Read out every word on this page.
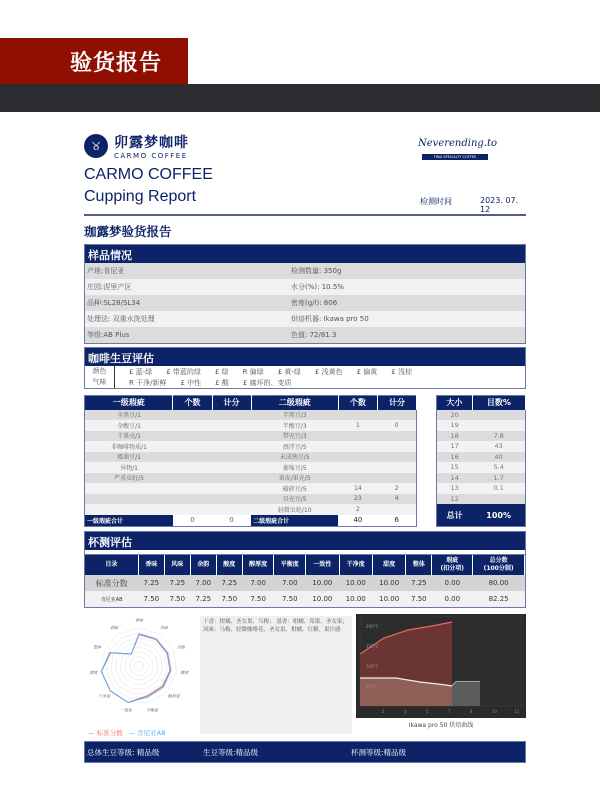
验货报告
୪ 卯露梦咖啡
CARMO COFFEE
Neverending.to
FIND SPECIALTY COFFEE
CARMO COFFEE
Cupping Report	检测时间	2023. 07. 12
珈露梦验货报告
样品情况
产地:肯尼亚	检测数量: 350g
庄园:涅里产区	水分(%): 10.5%
品种:SL28/SL34	密度(g/l): 806
处理法: 双重水洗处理	烘焙机器: Ikawa pro 50
等级:AB Plus	色值: 72/81.3
咖啡生豆评估
颜色	£ 蓝-绿 £ 带蓝的绿 £ 绿 R 偏绿 £ 黄-绿 £ 浅黄色 £ 偏黄 £ 浅棕
气味	R 干净/新鲜 £ 中性 £ 酸 £ 腐坏的、变质
一级瑕疵	个数	计分	二级瑕疵	个数	计分
全黑豆/1			半黑豆/3		
全酸豆/1			半酸豆/3	1	0
干果壳/1			带壳豆/3		
非咖啡物质/1			漂浮豆/5		
霉菌豆/1			未成熟豆/5		
异物/1			萎缩豆/5		
严重虫蛀/5			果皮/果壳/5		
			破碎豆/5	14	2
			贝壳豆/5	23	4
			轻微虫蛀/10	2	
一级瑕疵合计	0	0	二级瑕疵合计	40	6
大小	目数%
20	
19	
18	7.8
17	43
16	40
15	5.4
14	1.7
13	0.1
12	
总计	100%
杯测评估
目录	香味	风味	余韵	酸度	醇厚度	平衡度	一致性	干净度	甜度	整体	瑕疵
(扣分项)	总分数
(100分制)
标准分数	7.25	7.25	7.00	7.25	7.00	7.00	10.00	10.00	10.00	7.25	0.00	80.00
肯尼亚AB	7.50	7.50	7.25	7.50	7.50	7.50	10.00	10.00	10.00	7.50	0.00	82.25
香味
风味
余韵
酸度
醇厚度
平衡度
一致性
干净度
甜度
整体
瑕疵
— 标准分数 — 肯尼亚AB
干香：柑橘、圣女果、乌梅； 湿香：柑橘、莓果、圣女果； 风味：乌梅、轻微咖啡花、圣女果、柑橘、红糖、果汁感
200°C
150°C
100°C
50°C
2	3	5	7	8	10	12
Ikawa pro 50 烘焙曲线
总体生豆等级: 精品级	生豆等级:精品级	杯测等级:精品级
